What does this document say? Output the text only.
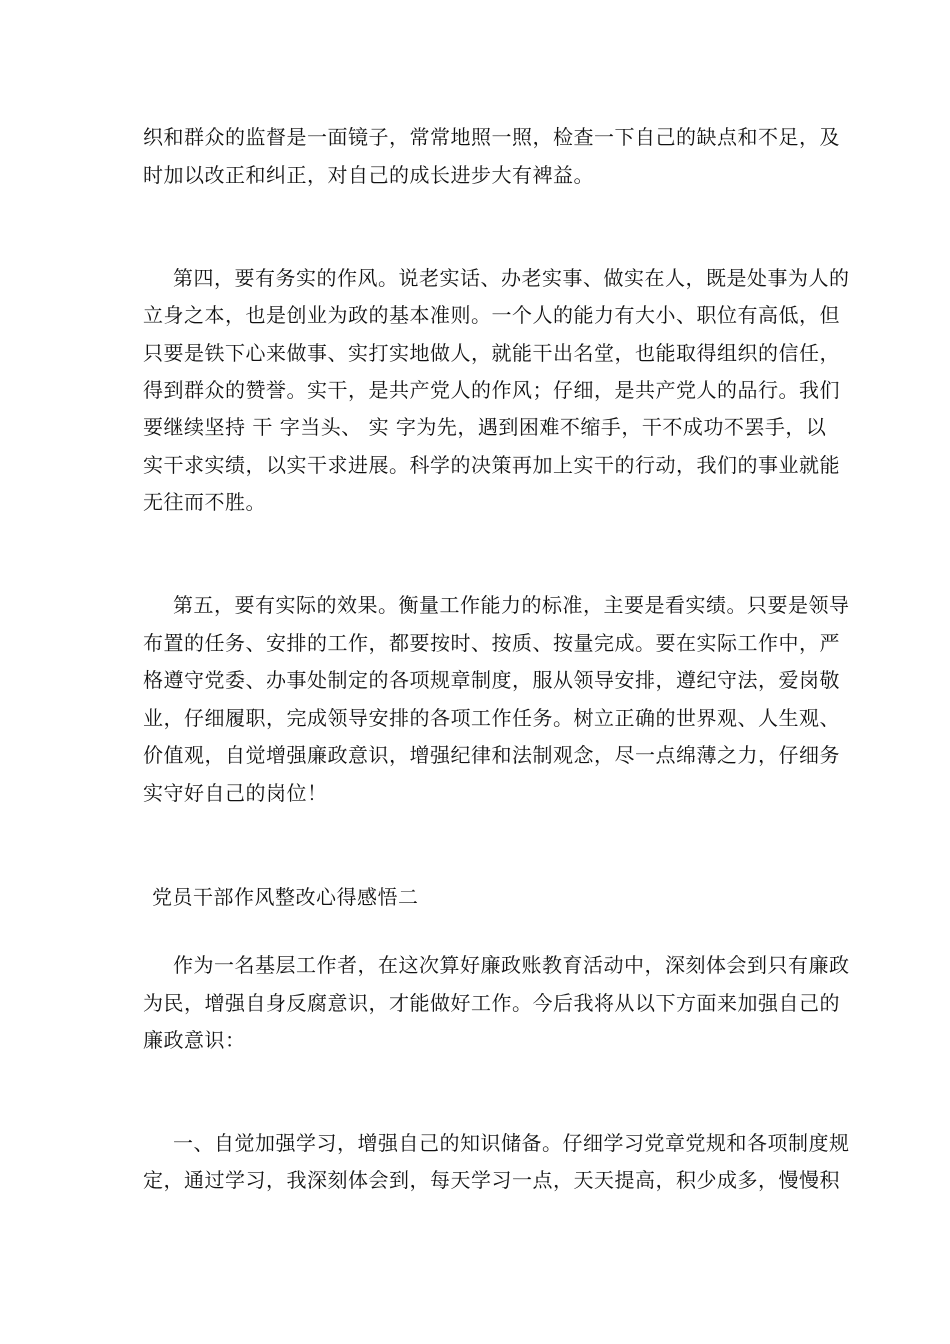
织和群众的监督是一面镜子，常常地照一照，检查一下自己的缺点和不足，及
时加以改正和纠正，对自己的成长进步大有裨益。
第四，要有务实的作风。说老实话、办老实事、做实在人，既是处事为人的
立身之本，也是创业为政的基本准则。一个人的能力有大小、职位有高低，但
只要是铁下心来做事、实打实地做人，就能干出名堂，也能取得组织的信任，
得到群众的赞誉。实干，是共产党人的作风；仔细，是共产党人的品行。我们
要继续坚持 干 字当头、 实 字为先，遇到困难不缩手，干不成功不罢手，以
实干求实绩，以实干求进展。科学的决策再加上实干的行动，我们的事业就能
无往而不胜。
第五，要有实际的效果。衡量工作能力的标准，主要是看实绩。只要是领导
布置的任务、安排的工作，都要按时、按质、按量完成。要在实际工作中，严
格遵守党委、办事处制定的各项规章制度，服从领导安排，遵纪守法，爱岗敬
业，仔细履职，完成领导安排的各项工作任务。树立正确的世界观、人生观、
价值观，自觉增强廉政意识，增强纪律和法制观念，尽一点绵薄之力，仔细务
实守好自己的岗位！
党员干部作风整改心得感悟二
作为一名基层工作者，在这次算好廉政账教育活动中，深刻体会到只有廉政
为民，增强自身反腐意识，才能做好工作。今后我将从以下方面来加强自己的
廉政意识：
一、自觉加强学习，增强自己的知识储备。仔细学习党章党规和各项制度规
定，通过学习，我深刻体会到，每天学习一点，天天提高，积少成多，慢慢积
